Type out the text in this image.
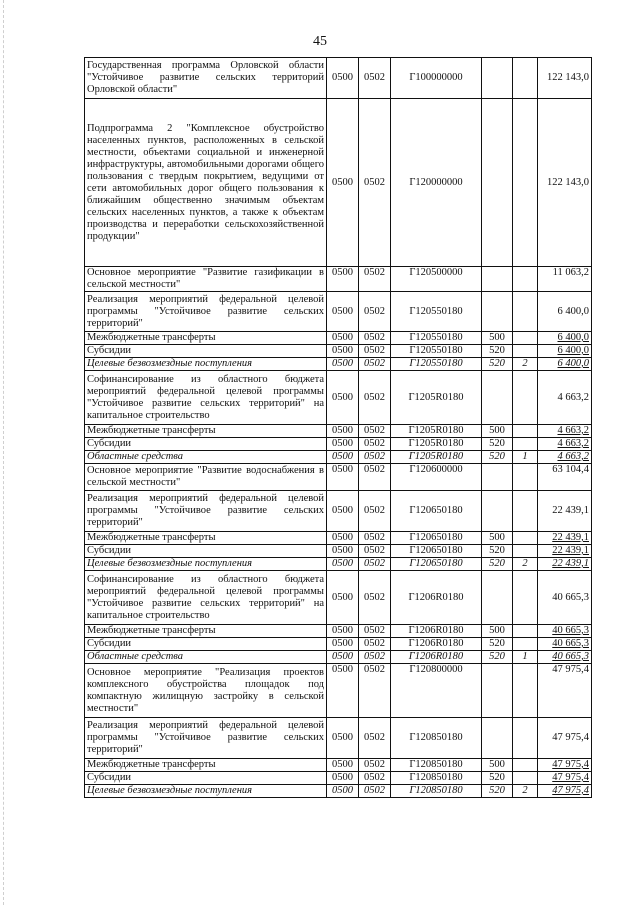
45
Государственная программа Орловской области "Устойчивое развитие сельских территорий Орловской области"	0500	0502	Г100000000			122 143,0
Подпрограмма 2 "Комплексное обустройство населенных пунктов, расположенных в сельской местности, объектами социальной и инженерной инфраструктуры, автомобильными дорогами общего пользования с твердым покрытием, ведущими от сети автомобильных дорог общего пользования к ближайшим общественно значимым объектам сельских населенных пунктов, а также к объектам производства и переработки сельскохозяйственной продукции"	0500	0502	Г120000000			122 143,0
Основное мероприятие "Развитие газификации в сельской местности"	0500	0502	Г120500000			11 063,2
Реализация мероприятий федеральной целевой программы "Устойчивое развитие сельских территорий"	0500	0502	Г120550180			6 400,0
Межбюджетные трансферты	0500	0502	Г120550180	500		6 400,0
Субсидии	0500	0502	Г120550180	520		6 400,0
Целевые безвозмездные поступления	0500	0502	Г120550180	520	2	6 400,0
Софинансирование из областного бюджета мероприятий федеральной целевой программы "Устойчивое развитие сельских территорий" на капитальное строительство	0500	0502	Г1205R0180			4 663,2
Межбюджетные трансферты	0500	0502	Г1205R0180	500		4 663,2
Субсидии	0500	0502	Г1205R0180	520		4 663,2
Областные средства	0500	0502	Г1205R0180	520	1	4 663,2
Основное мероприятие "Развитие водоснабжения в сельской местности"	0500	0502	Г120600000			63 104,4
Реализация мероприятий федеральной целевой программы "Устойчивое развитие сельских территорий"	0500	0502	Г120650180			22 439,1
Межбюджетные трансферты	0500	0502	Г120650180	500		22 439,1
Субсидии	0500	0502	Г120650180	520		22 439,1
Целевые безвозмездные поступления	0500	0502	Г120650180	520	2	22 439,1
Софинансирование из областного бюджета мероприятий федеральной целевой программы "Устойчивое развитие сельских территорий" на капитальное строительство	0500	0502	Г1206R0180			40 665,3
Межбюджетные трансферты	0500	0502	Г1206R0180	500		40 665,3
Субсидии	0500	0502	Г1206R0180	520		40 665,3
Областные средства	0500	0502	Г1206R0180	520	1	40 665,3
Основное мероприятие "Реализация проектов комплексного обустройства площадок под компактную жилищную застройку в сельской местности"	0500	0502	Г120800000			47 975,4
Реализация мероприятий федеральной целевой программы "Устойчивое развитие сельских территорий"	0500	0502	Г120850180			47 975,4
Межбюджетные трансферты	0500	0502	Г120850180	500		47 975,4
Субсидии	0500	0502	Г120850180	520		47 975,4
Целевые безвозмездные поступления	0500	0502	Г120850180	520	2	47 975,4
